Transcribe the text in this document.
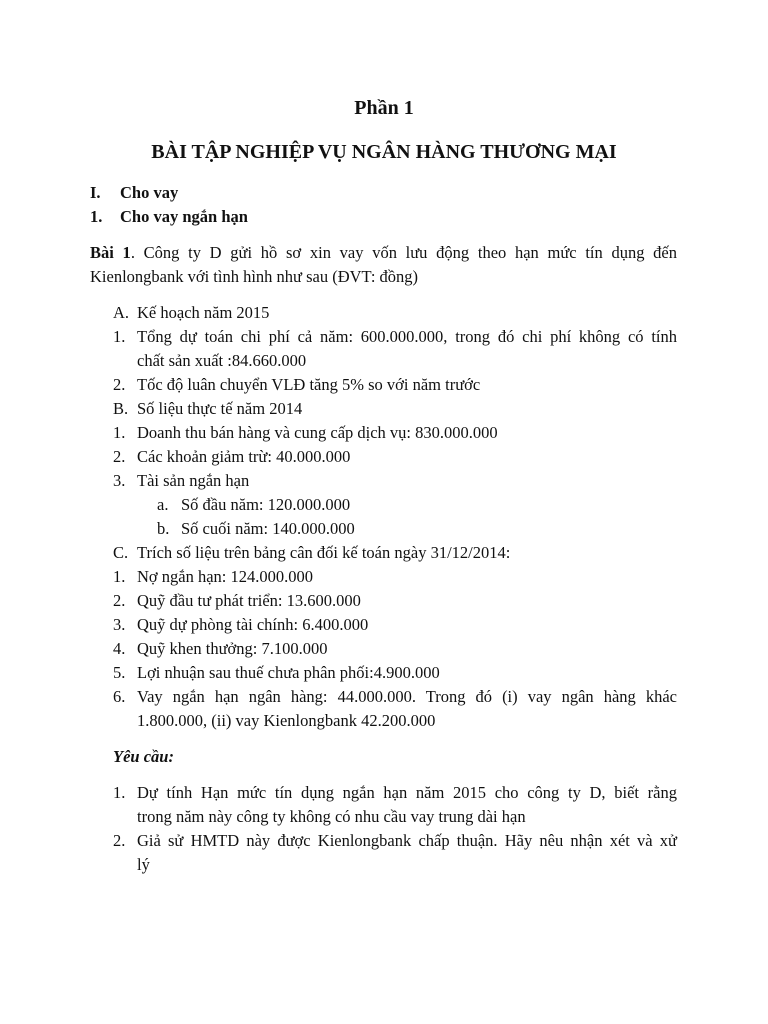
Phần 1
BÀI TẬP NGHIỆP VỤ NGÂN HÀNG THƯƠNG MẠI
I. Cho vay
1. Cho vay ngắn hạn
Bài 1. Công ty D gửi hồ sơ xin vay vốn lưu động theo hạn mức tín dụng đến
Kienlongbank với tình hình như sau (ĐVT: đồng)
A. Kế hoạch năm 2015
1. Tổng dự toán chi phí cả năm: 600.000.000, trong đó chi phí không có tính
chất sản xuất :84.660.000
2. Tốc độ luân chuyển VLĐ tăng 5% so với năm trước
B. Số liệu thực tế năm 2014
1. Doanh thu bán hàng và cung cấp dịch vụ: 830.000.000
2. Các khoản giảm trừ: 40.000.000
3. Tài sản ngắn hạn
a. Số đầu năm: 120.000.000
b. Số cuối năm: 140.000.000
C. Trích số liệu trên bảng cân đối kế toán ngày 31/12/2014:
1. Nợ ngắn hạn: 124.000.000
2. Quỹ đầu tư phát triển: 13.600.000
3. Quỹ dự phòng tài chính: 6.400.000
4. Quỹ khen thưởng: 7.100.000
5. Lợi nhuận sau thuế chưa phân phối:4.900.000
6. Vay ngắn hạn ngân hàng: 44.000.000. Trong đó (i) vay ngân hàng khác
1.800.000, (ii) vay Kienlongbank 42.200.000
Yêu cầu:
1. Dự tính Hạn mức tín dụng ngắn hạn năm 2015 cho công ty D, biết rằng
trong năm này công ty không có nhu cầu vay trung dài hạn
2. Giả sử HMTD này được Kienlongbank chấp thuận. Hãy nêu nhận xét và xử
lý
